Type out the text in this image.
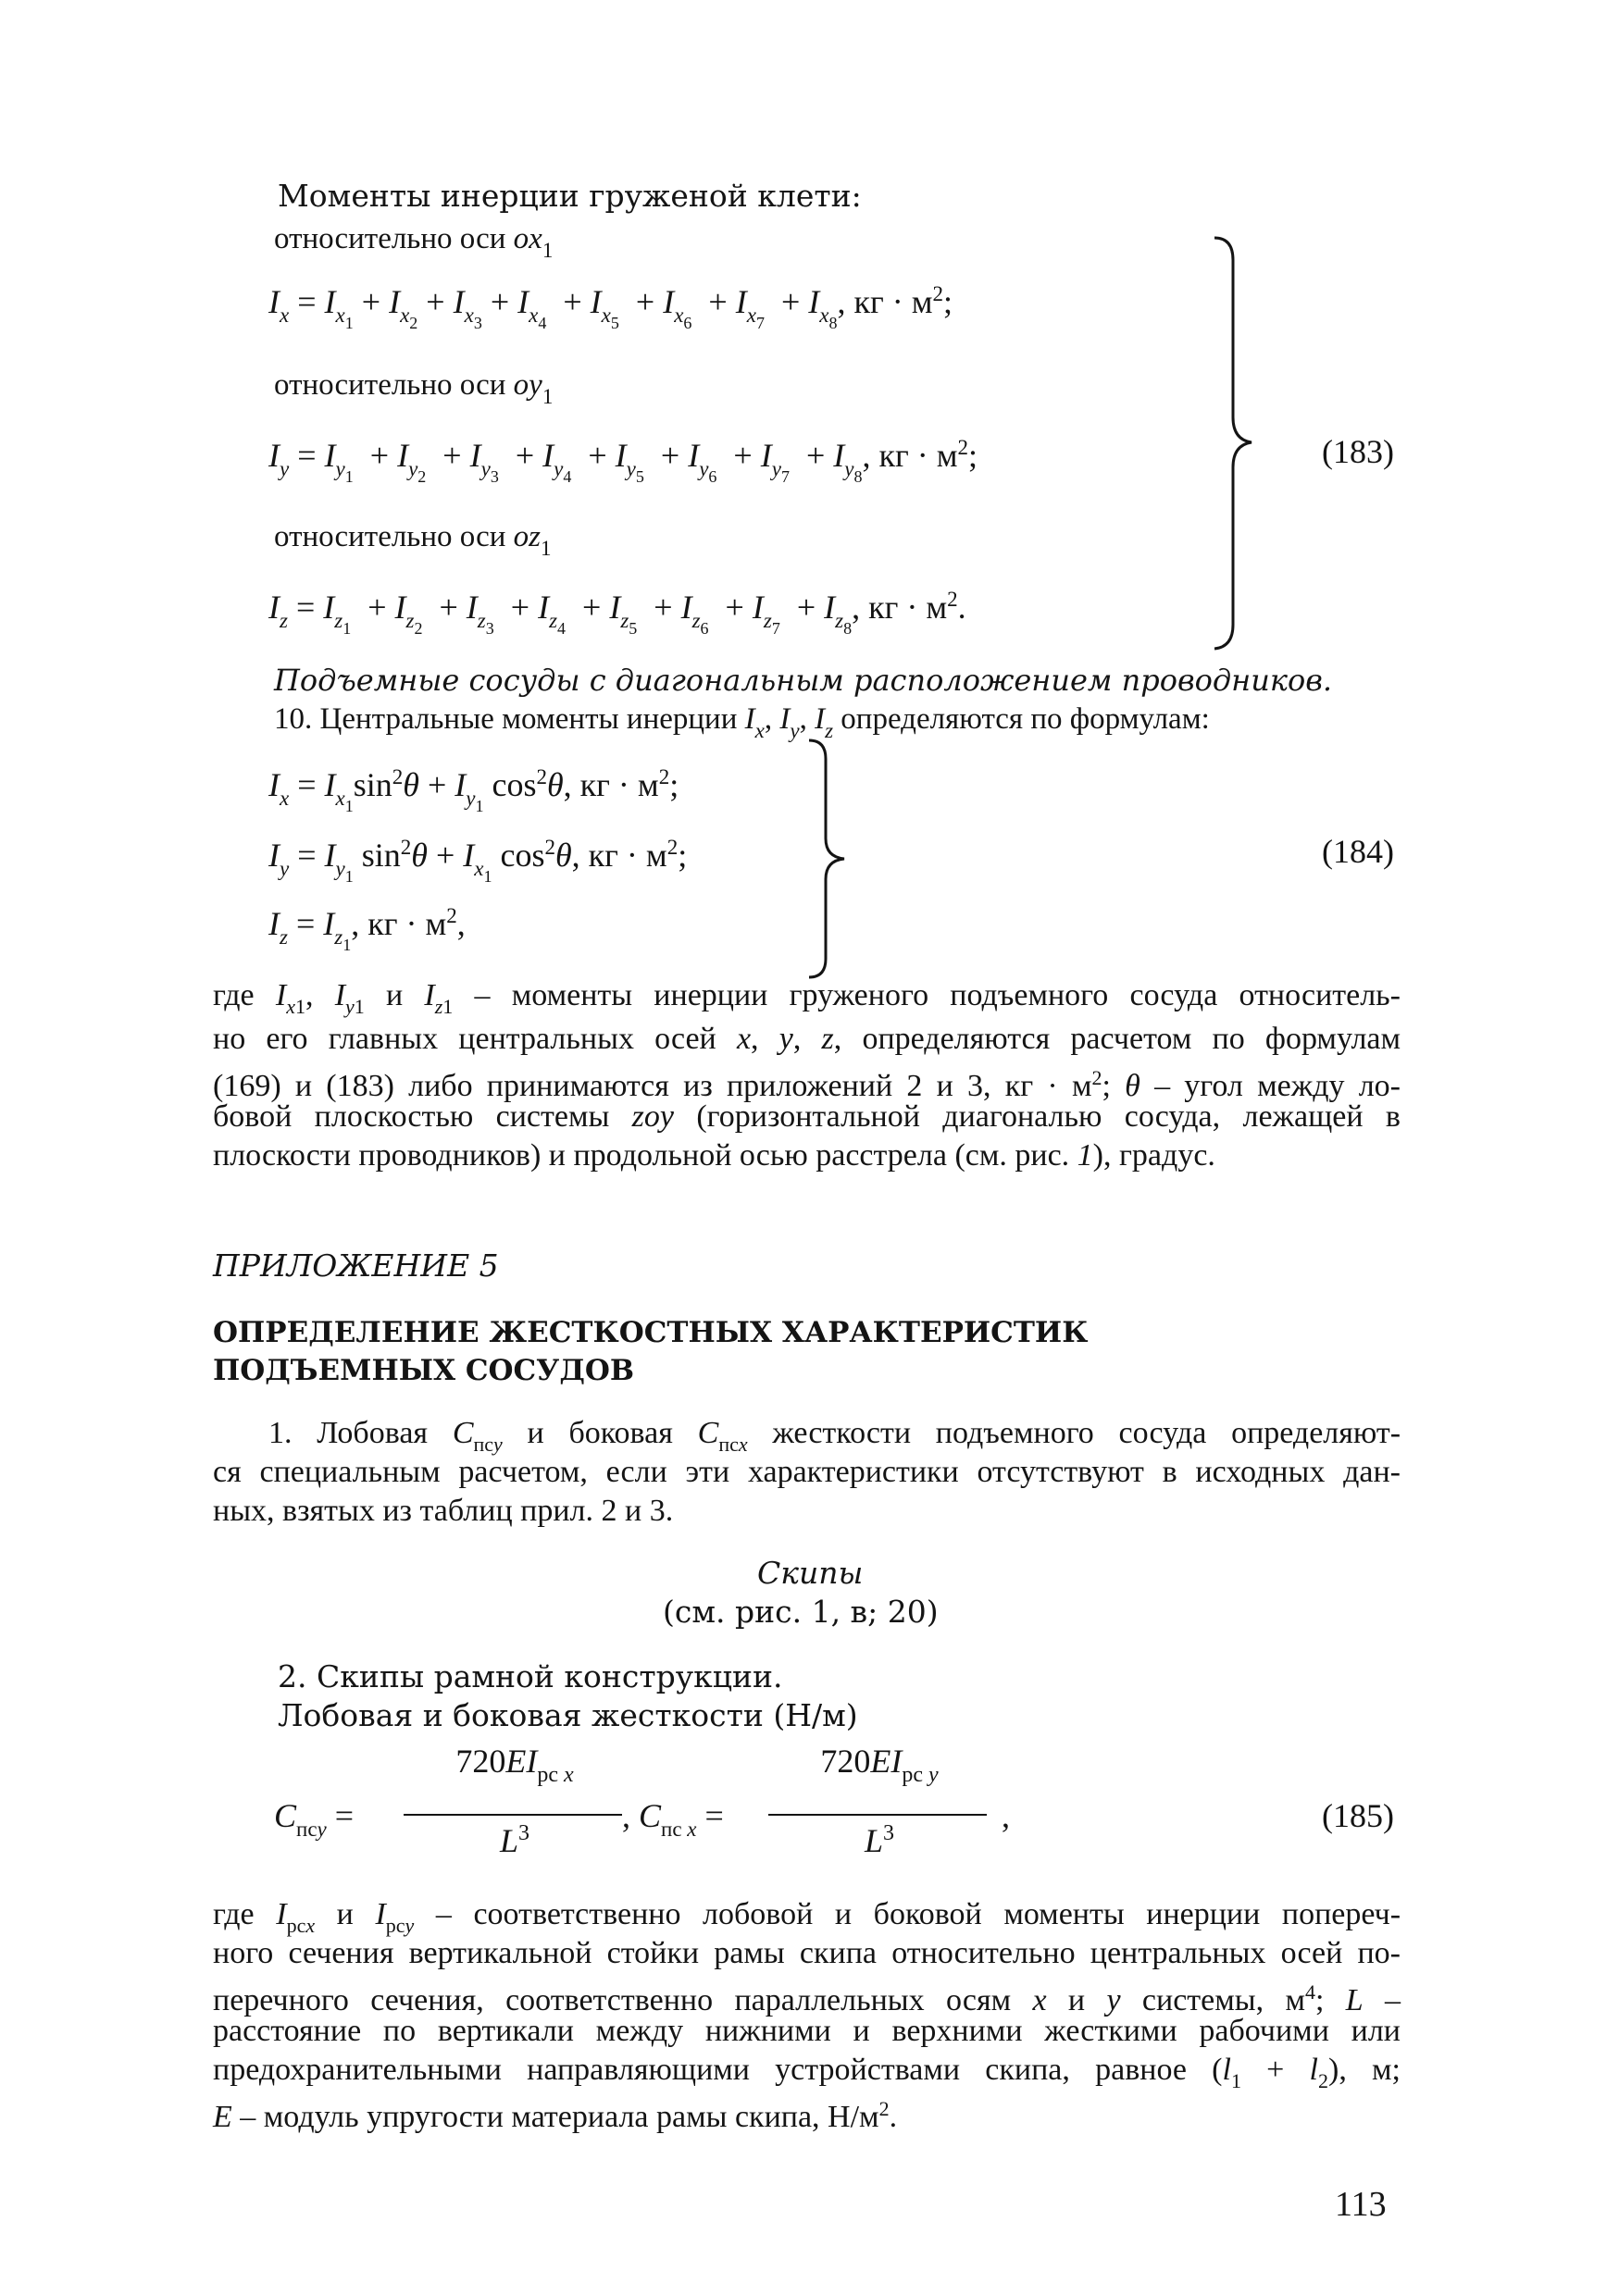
Моменты инерции груженой клети:
относительно оси $ox_1$
$I_x = I_{x_1} + I_{x_2} + I_{x_3} + I_{x_4} + I_{x_5} + I_{x_6} + I_{x_7} + I_{x_8}$, кг · $м^2$;
относительно оси $oy_1$
$I_y = I_{y_1} + I_{y_2} + I_{y_3} + I_{y_4} + I_{y_5} + I_{y_6} + I_{y_7} + I_{y_8}$, кг · $м^2$;	(183)
относительно оси $oz_1$
$I_z = I_{z_1} + I_{z_2} + I_{z_3} + I_{z_4} + I_{z_5} + I_{z_6} + I_{z_7} + I_{z_8}$, кг · $м^2$.
Подъемные сосуды с диагональным расположением проводников.
10. Центральные моменты инерции $I_x$, $I_y$, $I_z$ определяются по формулам:
$I_x = I_{x_1}\sin^2\theta + I_{y_1}$ $\cos^2\theta$, кг · $м^2$;
$I_y = I_{y_1}$ $\sin^2\theta + I_{x_1}$ $\cos^2\theta$, кг · $м^2$;	(184)
$I_z = I_{z_1}$, кг · $м^2$,
где $I_{x1}$, $I_{y1}$ и $I_{z1}$ – моменты инерции груженого подъемного сосуда относитель-
но его главных центральных осей x, y, z, определяются расчетом по формулам
(169) и (183) либо принимаются из приложений 2 и 3, кг · $м^2$; θ – угол между ло-
бовой плоскостью системы zoy (горизонтальной диагональю сосуда, лежащей в
плоскости проводников) и продольной осью расстрела (см. рис. 1), градус.
ПРИЛОЖЕНИЕ 5
ОПРЕДЕЛЕНИЕ ЖЕСТКОСТНЫХ ХАРАКТЕРИСТИК
ПОДЪЕМНЫХ СОСУДОВ
1. Лобовая $C_{псy}$ и боковая $C_{псx}$ жесткости подъемного сосуда определяют-
ся специальным расчетом, если эти характеристики отсутствуют в исходных дан-
ных, взятых из таблиц прил. 2 и 3.
Скипы
(см. рис. 1, в; 20)
2. Скипы рамной конструкции.
Лобовая и боковая жесткости (Н/м)
$C_{псy}$ =
$720EI_{рс x}$
$L^3$	, $C_{пс x}$ =
$720EI_{рс y}$
$L^3$	,	(185)
где $I_{рсx}$ и $I_{рсy}$ – соответственно лобовой и боковой моменты инерции попереч-
ного сечения вертикальной стойки рамы скипа относительно центральных осей по-
перечного сечения, соответственно параллельных осям x и y системы, $м^4$; L –
расстояние по вертикали между нижними и верхними жесткими рабочими или
предохранительными направляющими устройствами скипа, равное $(l_1 + l_2)$, м;
E – модуль упругости материала рамы скипа, $Н/м^2$.
113
